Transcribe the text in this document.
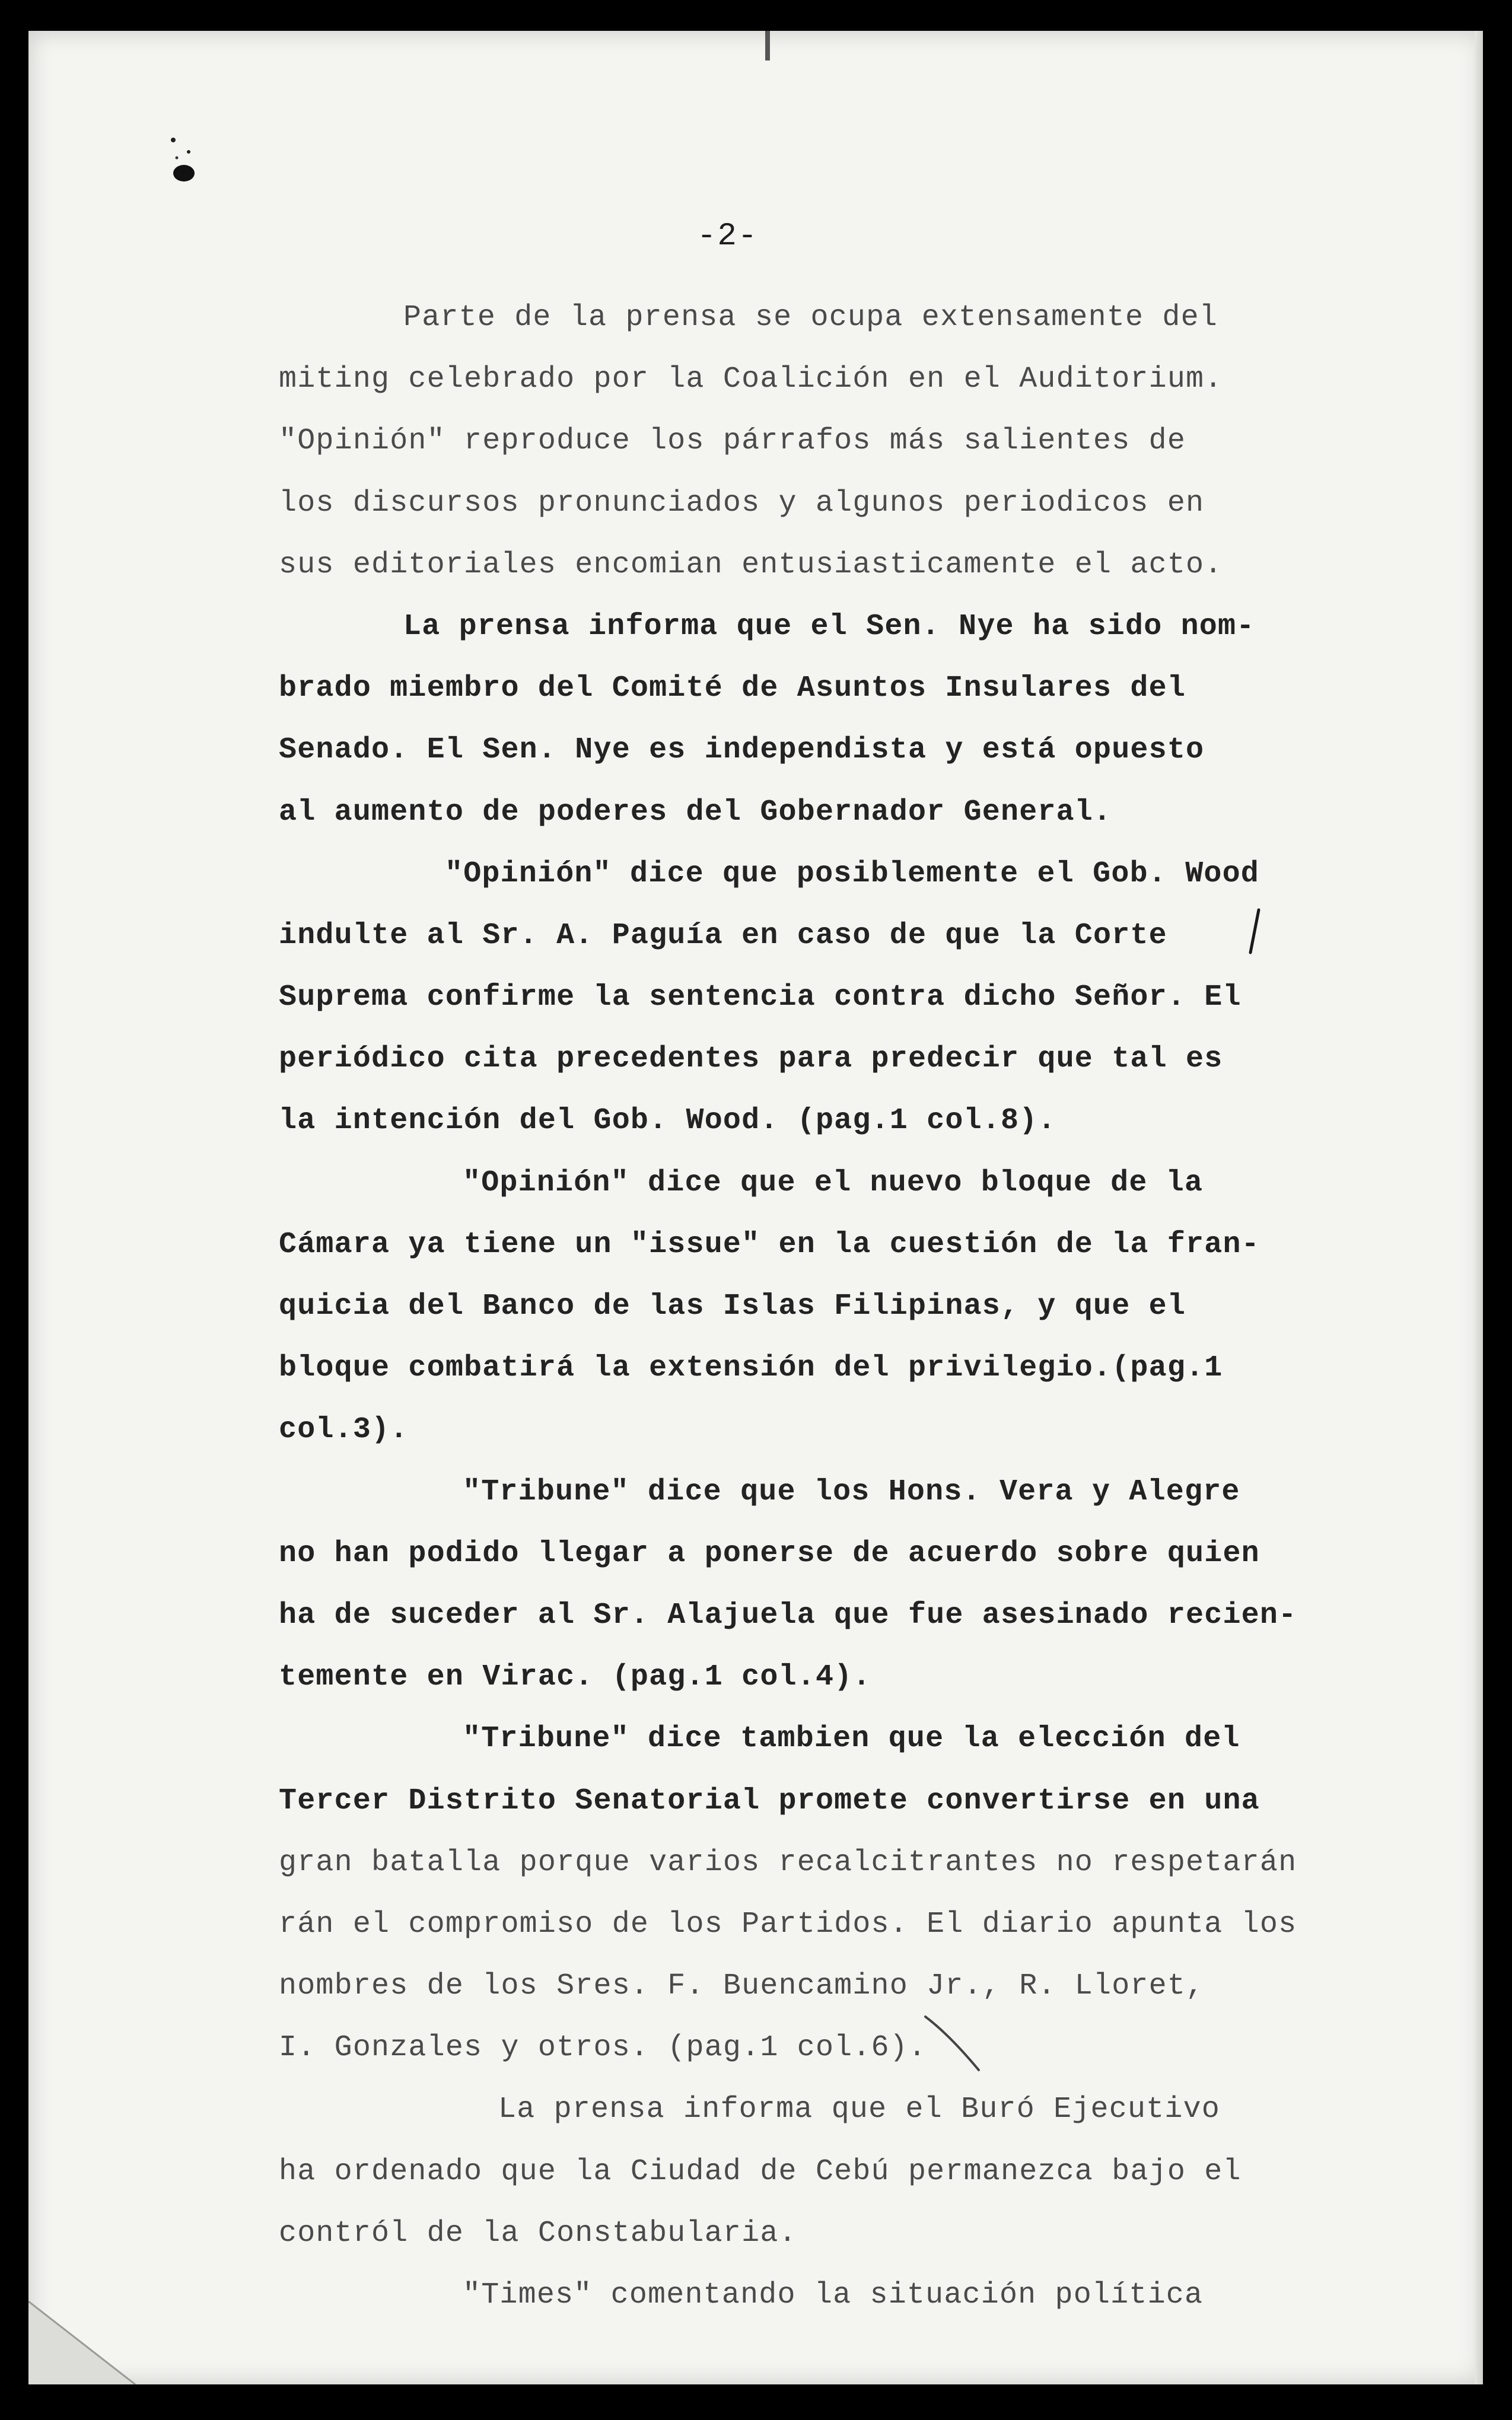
-2-
Parte de la prensa se ocupa extensamente del
miting celebrado por la Coalición en el Auditorium.
"Opinión" reproduce los párrafos más salientes de
los discursos pronunciados y algunos periodicos en
sus editoriales encomian entusiasticamente el acto.
La prensa informa que el Sen. Nye ha sido nom-
brado miembro del Comité de Asuntos Insulares del
Senado. El Sen. Nye es independista y está opuesto
al aumento de poderes del Gobernador General.
"Opinión" dice que posiblemente el Gob. Wood
indulte al Sr. A. Paguía en caso de que la Corte
Suprema confirme la sentencia contra dicho Señor. El
periódico cita precedentes para predecir que tal es
la intención del Gob. Wood. (pag.1 col.8).
"Opinión" dice que el nuevo bloque de la
Cámara ya tiene un "issue" en la cuestión de la fran-
quicia del Banco de las Islas Filipinas, y que el
bloque combatirá la extensión del privilegio.(pag.1
col.3).
"Tribune" dice que los Hons. Vera y Alegre
no han podido llegar a ponerse de acuerdo sobre quien
ha de suceder al Sr. Alajuela que fue asesinado recien-
temente en Virac. (pag.1 col.4).
"Tribune" dice tambien que la elección del
Tercer Distrito Senatorial promete convertirse en una
gran batalla porque varios recalcitrantes no respetarán
rán el compromiso de los Partidos. El diario apunta los
nombres de los Sres. F. Buencamino Jr., R. Lloret,
I. Gonzales y otros. (pag.1 col.6).
La prensa informa que el Buró Ejecutivo
ha ordenado que la Ciudad de Cebú permanezca bajo el
contról de la Constabularia.
"Times" comentando la situación política
